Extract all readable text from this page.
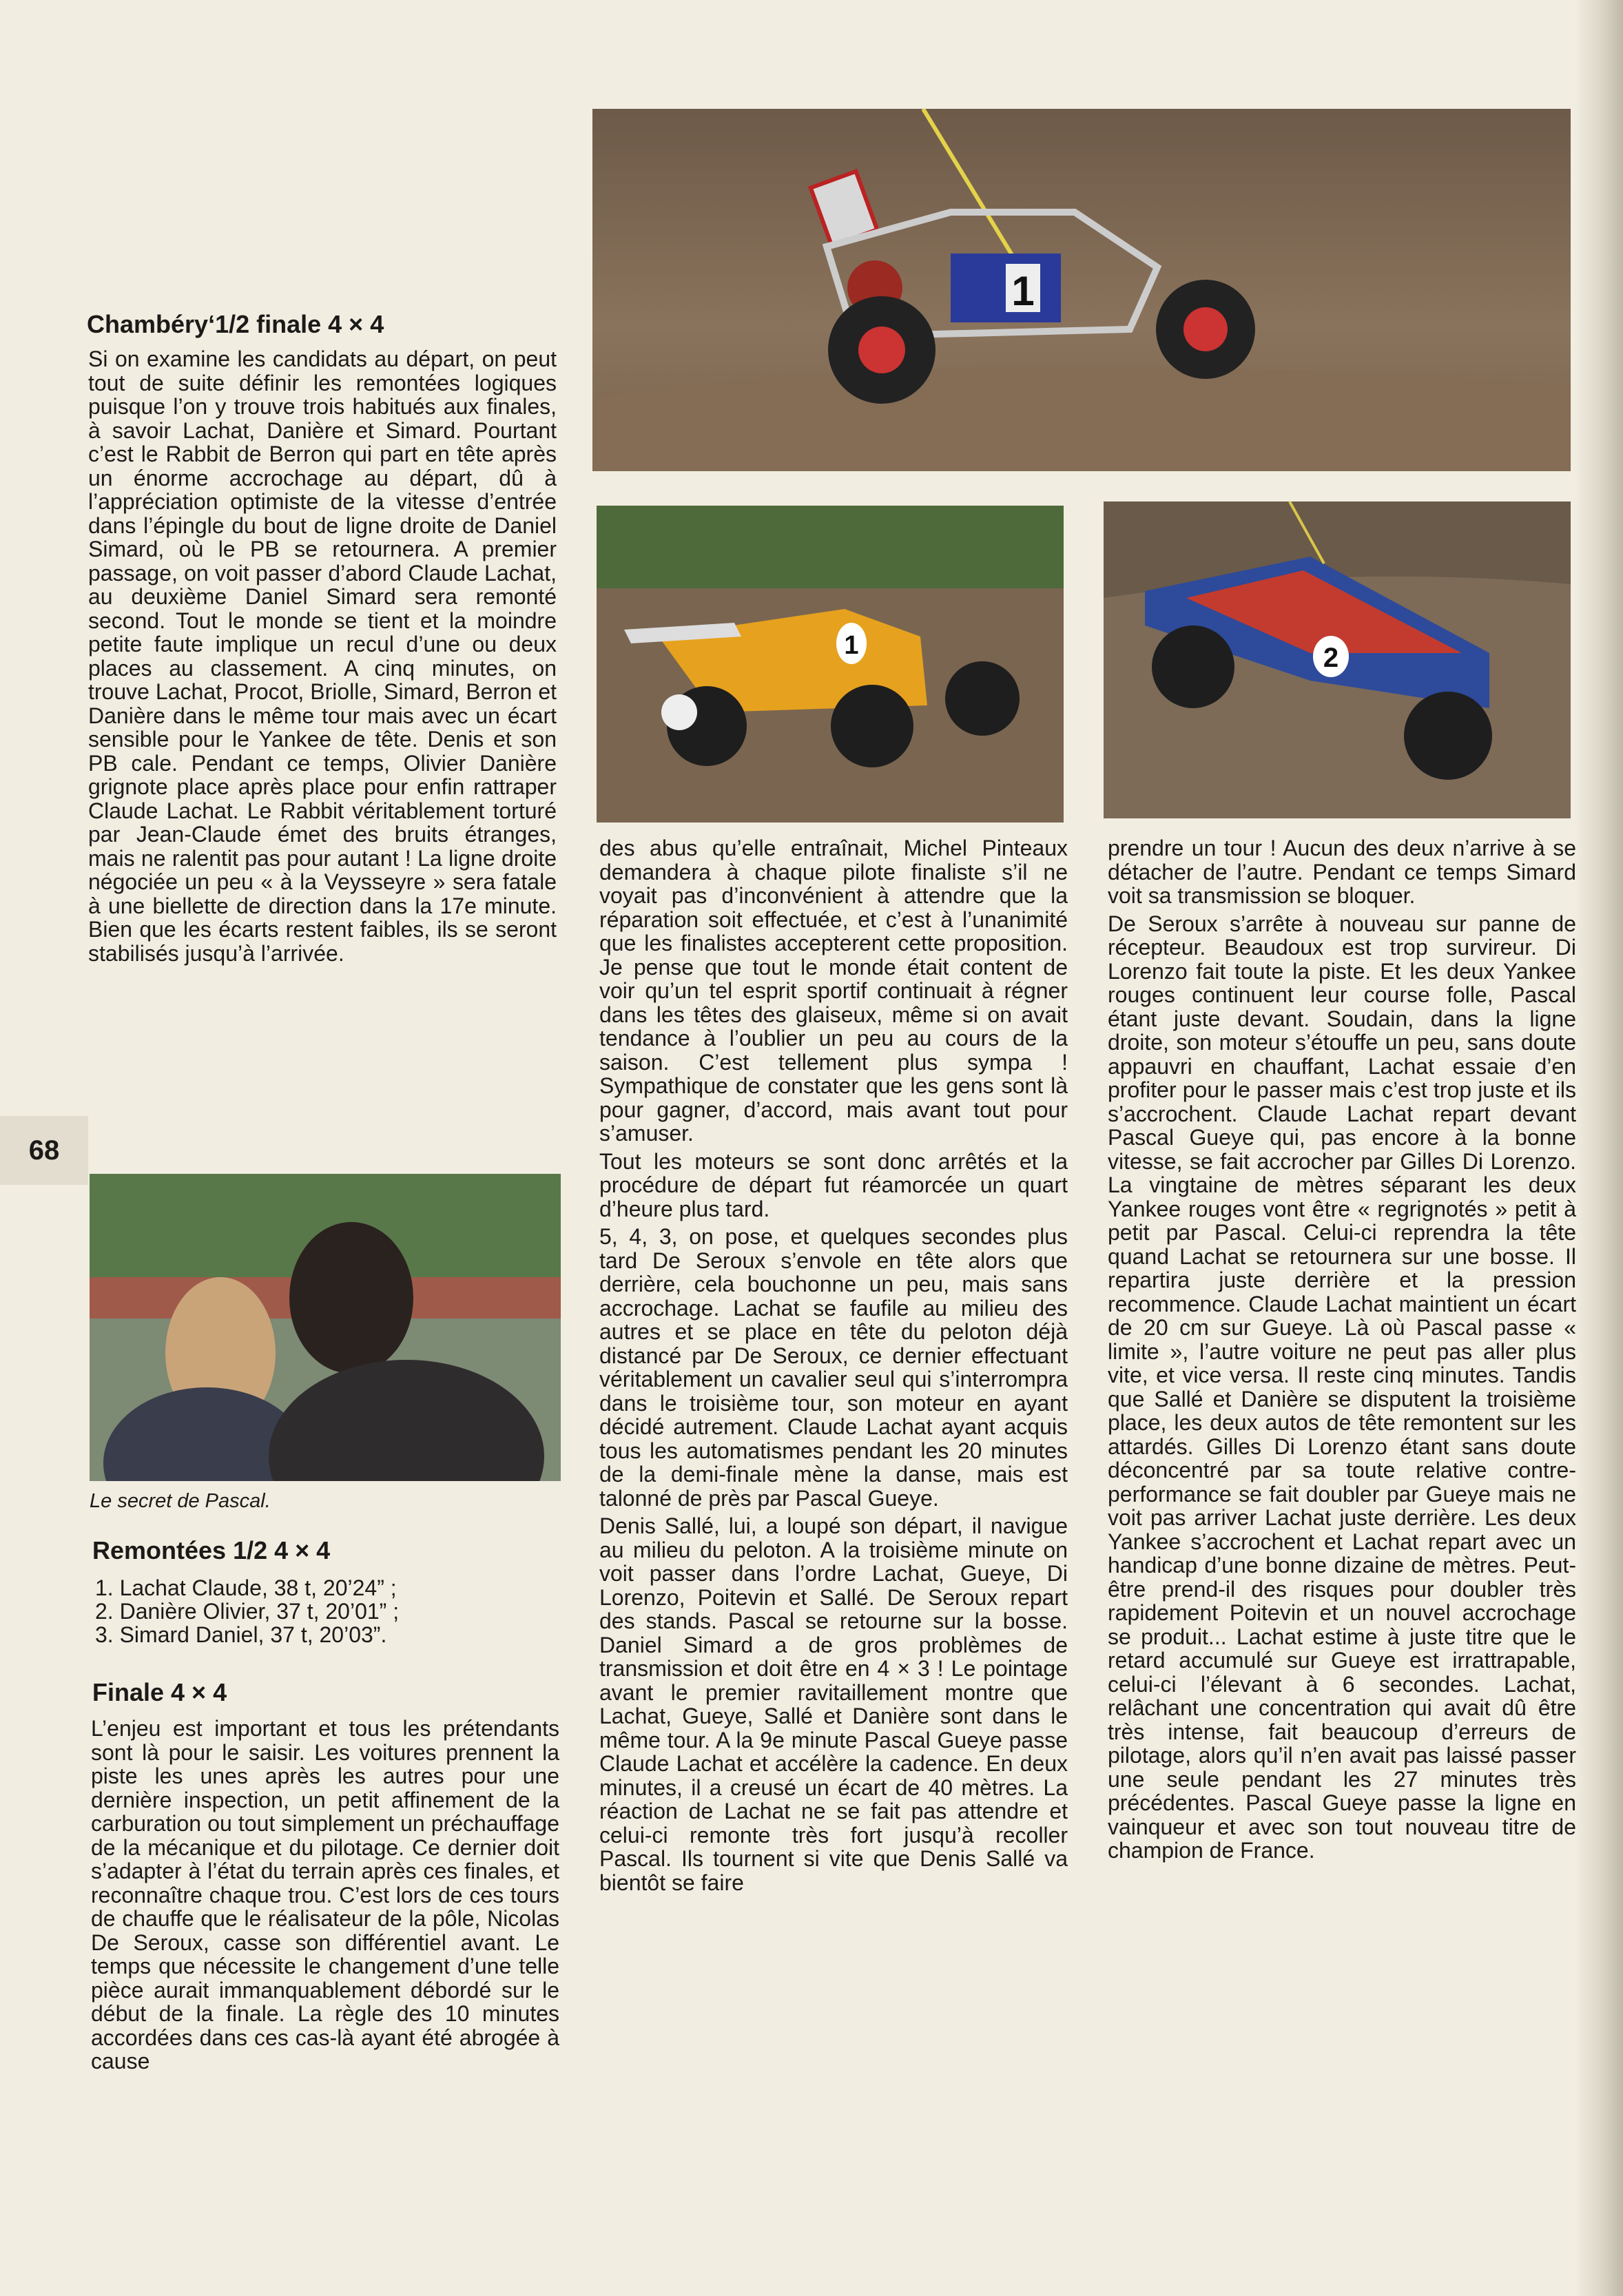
1
1	2
68
Chambéry‘1/2 finale 4 × 4

Si on examine les candidats au départ, on peut tout de suite définir les remontées logiques puisque l’on y trouve trois habitués aux finales, à savoir Lachat, Danière et Simard. Pourtant c’est le Rabbit de Berron qui part en tête après un énorme accrochage au départ, dû à l’appréciation optimiste de la vitesse d’entrée dans l’épingle du bout de ligne droite de Daniel Simard, où le PB se retournera. A premier passage, on voit passer d’abord Claude Lachat, au deuxième Daniel Simard sera remonté second. Tout le monde se tient et la moindre petite faute implique un recul d’une ou deux places au classement. A cinq minutes, on trouve Lachat, Procot, Briolle, Simard, Berron et Danière dans le même tour mais avec un écart sensible pour le Yankee de tête. Denis et son PB cale. Pendant ce temps, Olivier Danière grignote place après place pour enfin rattraper Claude Lachat. Le Rabbit véritablement torturé par Jean-Claude émet des bruits étranges, mais ne ralentit pas pour autant ! La ligne droite négociée un peu « à la Veysseyre » sera fatale à une biellette de direction dans la 17e minute. Bien que les écarts restent faibles, ils se seront stabilisés jusqu’à l’arrivée.

Le secret de Pascal.
Remontées 1/2 4 × 4
1. Lachat Claude, 38 t, 20’24” ;
2. Danière Olivier, 37 t, 20’01” ;
3. Simard Daniel, 37 t, 20’03”.
Finale 4 × 4

L’enjeu est important et tous les prétendants sont là pour le saisir. Les voitures prennent la piste les unes après les autres pour une dernière inspection, un petit affinement de la carburation ou tout simplement un préchauffage de la mécanique et du pilotage. Ce dernier doit s’adapter à l’état du terrain après ces finales, et reconnaître chaque trou. C’est lors de ces tours de chauffe que le réalisateur de la pôle, Nicolas De Seroux, casse son différentiel avant. Le temps que nécessite le changement d’une telle pièce aurait immanquablement débordé sur le début de la finale. La règle des 10 minutes accordées dans ces cas-là ayant été abrogée à cause

des abus qu’elle entraînait, Michel Pinteaux demandera à chaque pilote finaliste s’il ne voyait pas d’inconvénient à attendre que la réparation soit effectuée, et c’est à l’unanimité que les finalistes accepterent cette proposition. Je pense que tout le monde était content de voir qu’un tel esprit sportif continuait à régner dans les têtes des glaiseux, même si on avait tendance à l’oublier un peu au cours de la saison. C’est tellement plus sympa ! Sympathique de constater que les gens sont là pour gagner, d’accord, mais avant tout pour s’amuser.

Tout les moteurs se sont donc arrêtés et la procédure de départ fut réamorcée un quart d’heure plus tard.

5, 4, 3, on pose, et quelques secondes plus tard De Seroux s’envole en tête alors que derrière, cela bouchonne un peu, mais sans accrochage. Lachat se faufile au milieu des autres et se place en tête du peloton déjà distancé par De Seroux, ce dernier effectuant véritablement un cavalier seul qui s’interrompra dans le troisième tour, son moteur en ayant décidé autrement. Claude Lachat ayant acquis tous les automatismes pendant les 20 minutes de la demi-finale mène la danse, mais est talonné de près par Pascal Gueye.

Denis Sallé, lui, a loupé son départ, il navigue au milieu du peloton. A la troisième minute on voit passer dans l’ordre Lachat, Gueye, Di Lorenzo, Poitevin et Sallé. De Seroux repart des stands. Pascal se retourne sur la bosse. Daniel Simard a de gros problèmes de transmission et doit être en 4 × 3 ! Le pointage avant le premier ravitaillement montre que Lachat, Gueye, Sallé et Danière sont dans le même tour. A la 9e minute Pascal Gueye passe Claude Lachat et accélère la cadence. En deux minutes, il a creusé un écart de 40 mètres. La réaction de Lachat ne se fait pas attendre et celui-ci remonte très fort jusqu’à recoller Pascal. Ils tournent si vite que Denis Sallé va bientôt se faire

prendre un tour ! Aucun des deux n’arrive à se détacher de l’autre. Pendant ce temps Simard voit sa transmission se bloquer.

De Seroux s’arrête à nouveau sur panne de récepteur. Beaudoux est trop survireur. Di Lorenzo fait toute la piste. Et les deux Yankee rouges continuent leur course folle, Pascal étant juste devant. Soudain, dans la ligne droite, son moteur s’étouffe un peu, sans doute appauvri en chauffant, Lachat essaie d’en profiter pour le passer mais c’est trop juste et ils s’accrochent. Claude Lachat repart devant Pascal Gueye qui, pas encore à la bonne vitesse, se fait accrocher par Gilles Di Lorenzo. La vingtaine de mètres séparant les deux Yankee rouges vont être « regrignotés » petit à petit par Pascal. Celui-ci reprendra la tête quand Lachat se retournera sur une bosse. Il repartira juste derrière et la pression recommence. Claude Lachat maintient un écart de 20 cm sur Gueye. Là où Pascal passe « limite », l’autre voiture ne peut pas aller plus vite, et vice versa. Il reste cinq minutes. Tandis que Sallé et Danière se disputent la troisième place, les deux autos de tête remontent sur les attardés. Gilles Di Lorenzo étant sans doute déconcentré par sa toute relative contre-performance se fait doubler par Gueye mais ne voit pas arriver Lachat juste derrière. Les deux Yankee s’accrochent et Lachat repart avec un handicap d’une bonne dizaine de mètres. Peut-être prend-il des risques pour doubler très rapidement Poitevin et un nouvel accrochage se produit... Lachat estime à juste titre que le retard accumulé sur Gueye est irrattrapable, celui-ci l’élevant à 6 secondes. Lachat, relâchant une concentration qui avait dû être très intense, fait beaucoup d’erreurs de pilotage, alors qu’il n’en avait pas laissé passer une seule pendant les 27 minutes très précédentes. Pascal Gueye passe la ligne en vainqueur et avec son tout nouveau titre de champion de France.
